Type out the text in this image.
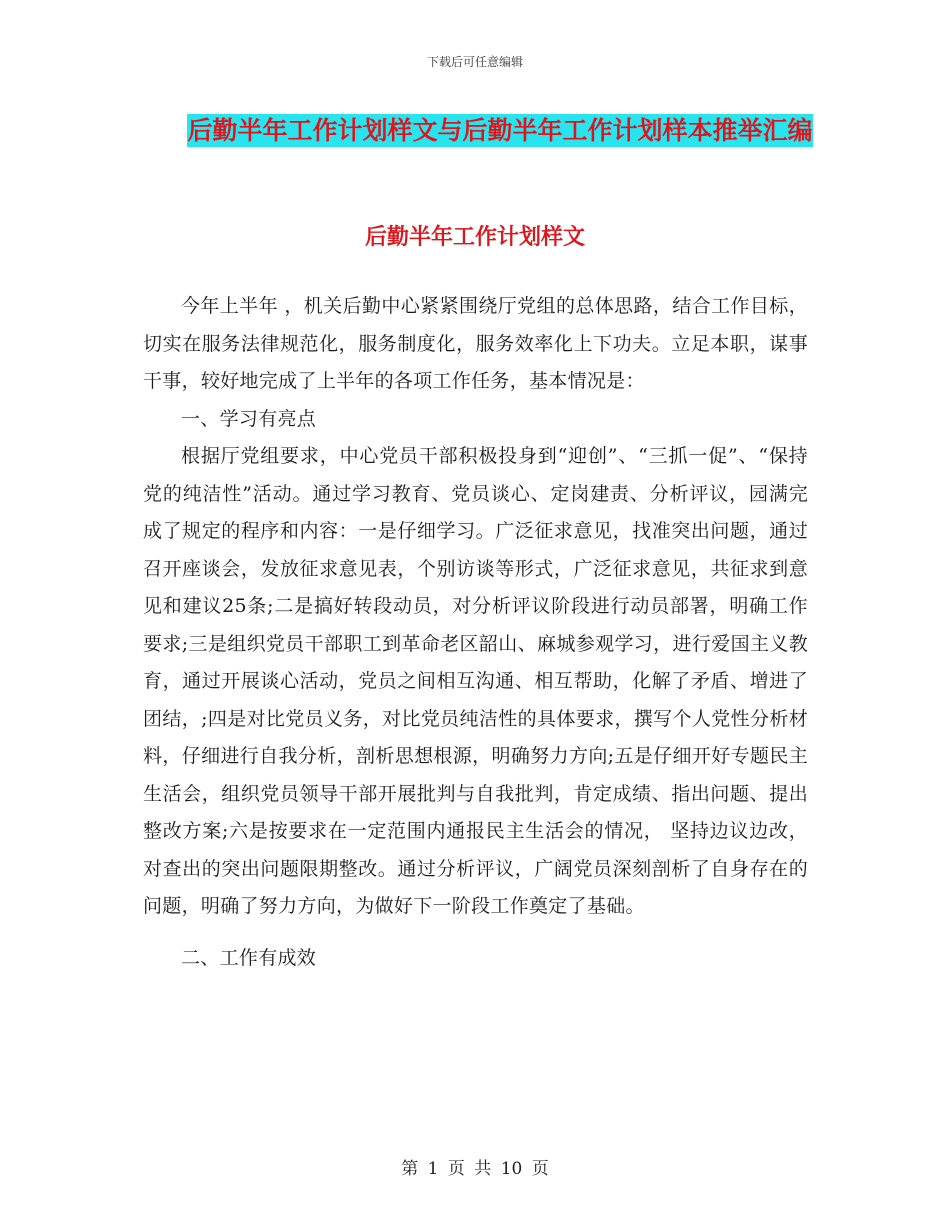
下载后可任意编辑
后勤半年工作计划样文与后勤半年工作计划样本推举汇编
后勤半年工作计划样文

今年上半年 ，机关后勤中心紧紧围绕厅党组的总体思路，结合工作目标，切实在服务法律规范化，服务制度化，服务效率化上下功夫。立足本职，谋事干事，较好地完成了上半年的各项工作任务，基本情况是：

一、学习有亮点

根据厅党组要求，中心党员干部积极投身到“迎创”、“三抓一促”、“保持党的纯洁性”活动。通过学习教育、党员谈心、定岗建责、分析评议，园满完成了规定的程序和内容：一是仔细学习。广泛征求意见，找准突出问题，通过召开座谈会，发放征求意见表，个别访谈等形式，广泛征求意见，共征求到意见和建议25条;二是搞好转段动员，对分析评议阶段进行动员部署，明确工作要求;三是组织党员干部职工到革命老区韶山、麻城参观学习，进行爱国主义教育，通过开展谈心活动，党员之间相互沟通、相互帮助，化解了矛盾、增进了团结，;四是对比党员义务，对比党员纯洁性的具体要求，撰写个人党性分析材料，仔细进行自我分析，剖析思想根源，明确努力方向;五是仔细开好专题民主生活会，组织党员领导干部开展批判与自我批判，肯定成绩、指出问题、提出整改方案;六是按要求在一定范围内通报民主生活会的情况， 坚持边议边改，对查出的突出问题限期整改。通过分析评议，广阔党员深刻剖析了自身存在的问题，明确了努力方向，为做好下一阶段工作奠定了基础。

二、工作有成效

第 1 页 共 10 页
